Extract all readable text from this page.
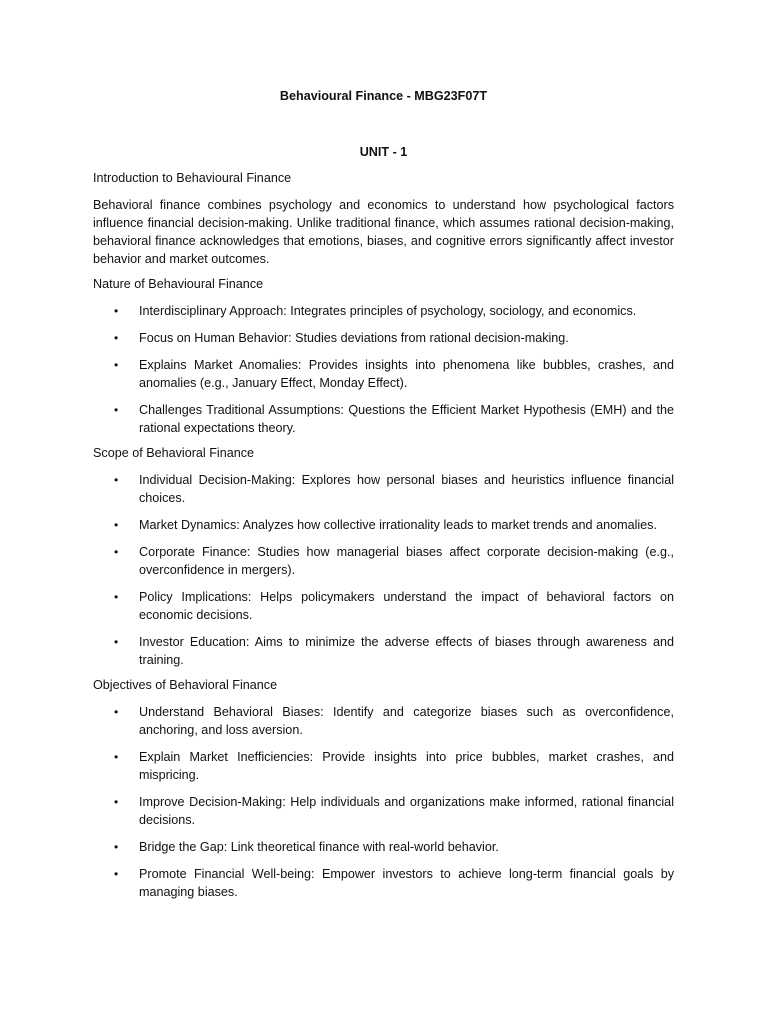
Behavioural Finance - MBG23F07T

UNIT - 1

Introduction to Behavioural Finance

Behavioral finance combines psychology and economics to understand how psychological factors influence financial decision-making. Unlike traditional finance, which assumes rational decision-making, behavioral finance acknowledges that emotions, biases, and cognitive errors significantly affect investor behavior and market outcomes.

Nature of Behavioural Finance

• Interdisciplinary Approach: Integrates principles of psychology, sociology, and economics.
• Focus on Human Behavior: Studies deviations from rational decision-making.
• Explains Market Anomalies: Provides insights into phenomena like bubbles, crashes, and anomalies (e.g., January Effect, Monday Effect).
• Challenges Traditional Assumptions: Questions the Efficient Market Hypothesis (EMH) and the rational expectations theory.

Scope of Behavioral Finance

• Individual Decision-Making: Explores how personal biases and heuristics influence financial choices.
• Market Dynamics: Analyzes how collective irrationality leads to market trends and anomalies.
• Corporate Finance: Studies how managerial biases affect corporate decision-making (e.g., overconfidence in mergers).
• Policy Implications: Helps policymakers understand the impact of behavioral factors on economic decisions.
• Investor Education: Aims to minimize the adverse effects of biases through awareness and training.

Objectives of Behavioral Finance

• Understand Behavioral Biases: Identify and categorize biases such as overconfidence, anchoring, and loss aversion.
• Explain Market Inefficiencies: Provide insights into price bubbles, market crashes, and mispricing.
• Improve Decision-Making: Help individuals and organizations make informed, rational financial decisions.
• Bridge the Gap: Link theoretical finance with real-world behavior.
• Promote Financial Well-being: Empower investors to achieve long-term financial goals by managing biases.
